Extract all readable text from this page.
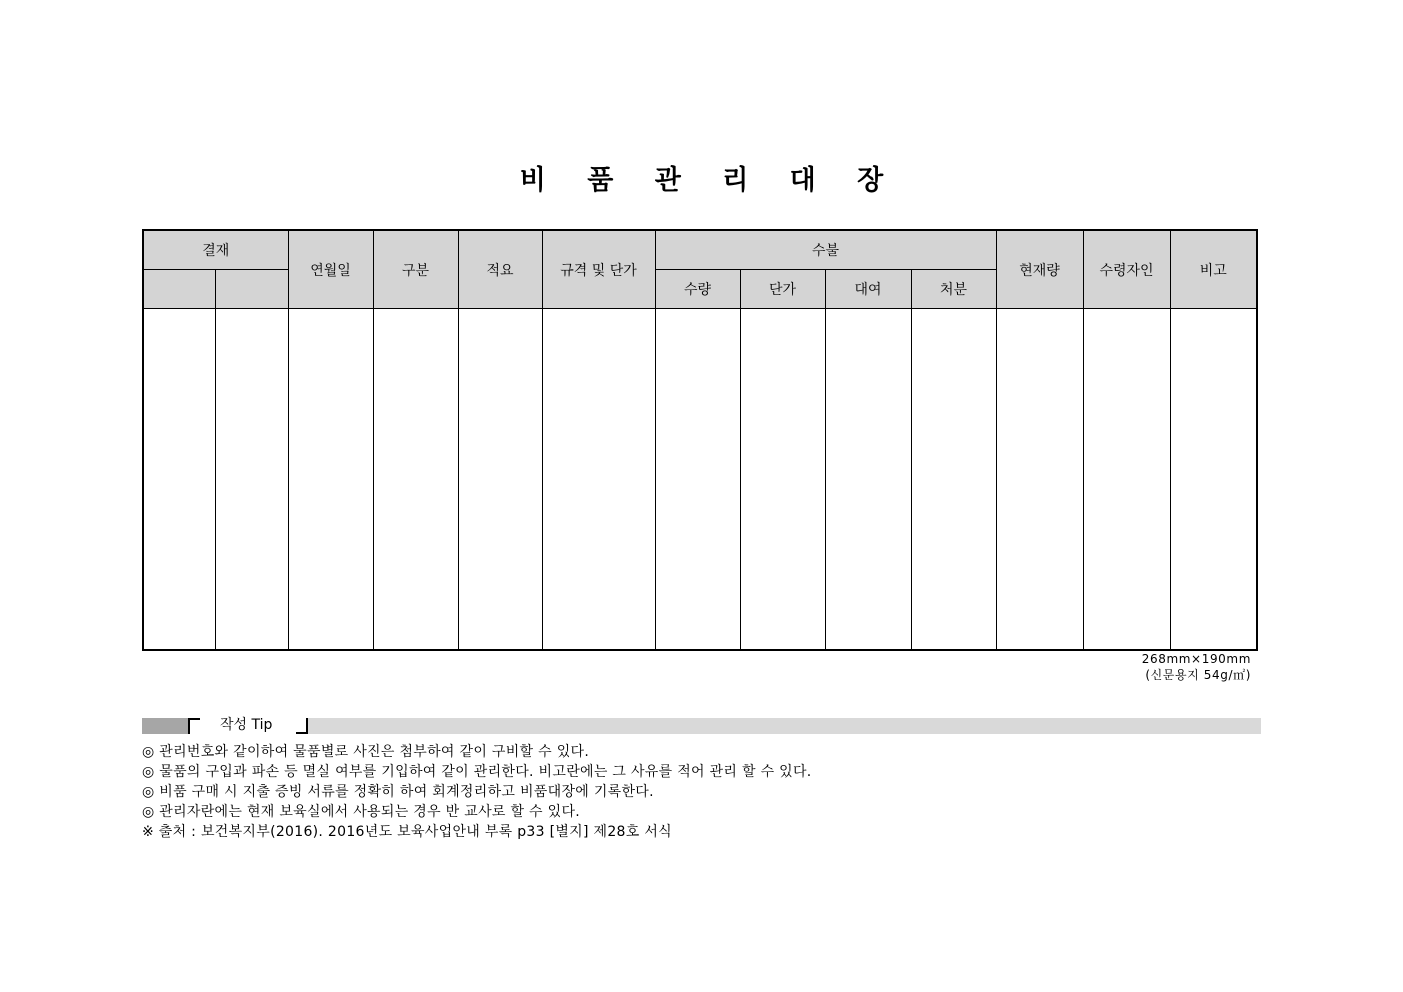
비 품 관 리 대 장
결재		연월일	구분	적요	규격 및 단가	수불				현재량	수령자인	비고
						수량	단가	대여	처분			

268mm×190mm
(신문용지 54g/㎡)
작성 Tip
◎ 관리번호와 같이하여 물품별로 사진은 첨부하여 같이 구비할 수 있다.
◎ 물품의 구입과 파손 등 멸실 여부를 기입하여 같이 관리한다. 비고란에는 그 사유를 적어 관리 할 수 있다.
◎ 비품 구매 시 지출 증빙 서류를 정확히 하여 회계정리하고 비품대장에 기록한다.
◎ 관리자란에는 현재 보육실에서 사용되는 경우 반 교사로 할 수 있다.
※ 출처 : 보건복지부(2016). 2016년도 보육사업안내 부록 p33 [별지] 제28호 서식
